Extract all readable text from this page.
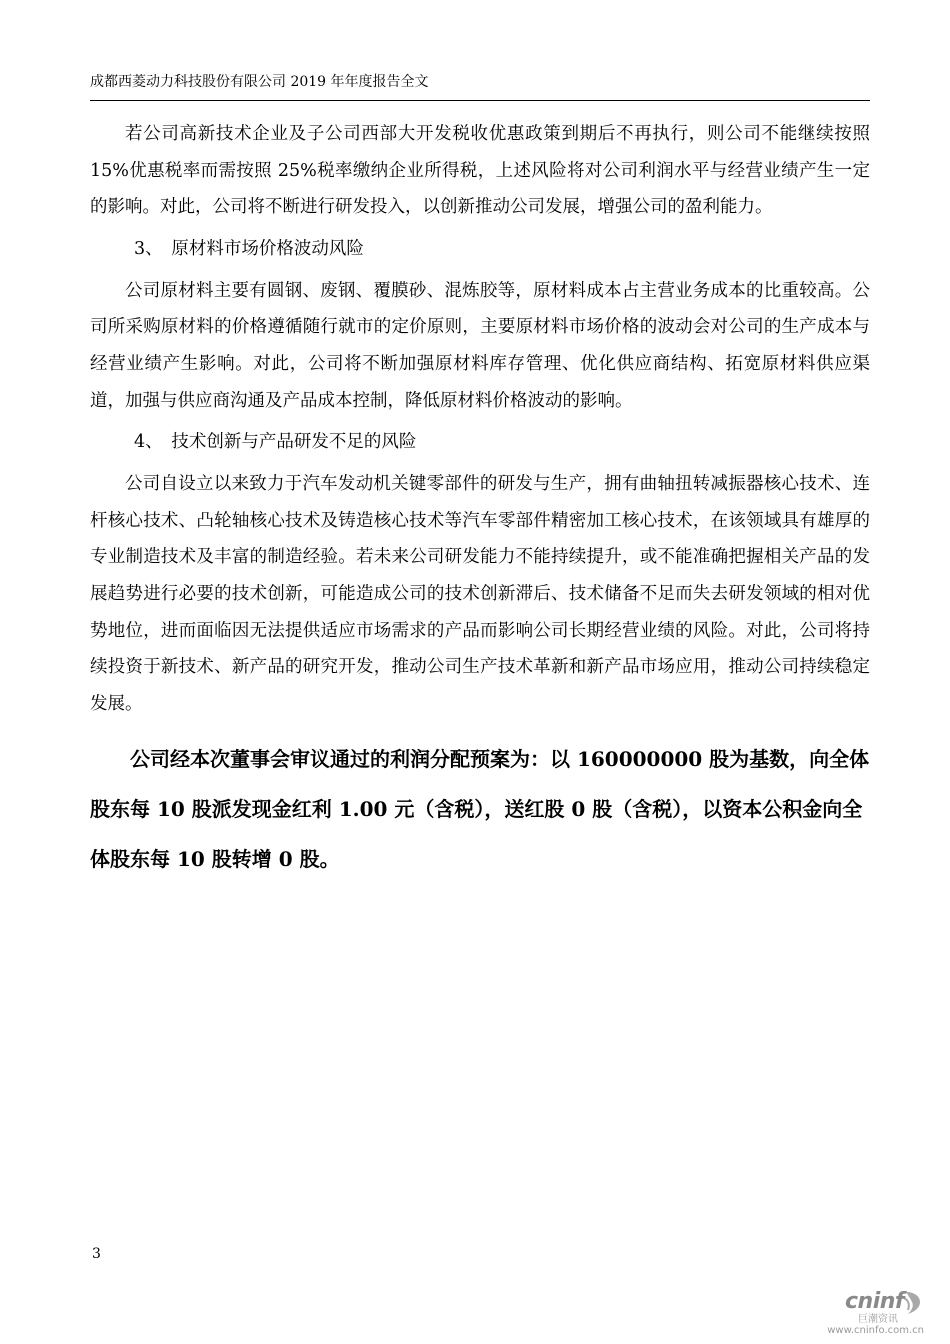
成都西菱动力科技股份有限公司 2019 年年度报告全文

若公司高新技术企业及子公司西部大开发税收优惠政策到期后不再执行，则公司不能继续按照 15%优惠税率而需按照 25%税率缴纳企业所得税，上述风险将对公司利润水平与经营业绩产生一定的影响。对此，公司将不断进行研发投入，以创新推动公司发展，增强公司的盈利能力。

3、　原材料市场价格波动风险

公司原材料主要有圆钢、废钢、覆膜砂、混炼胶等，原材料成本占主营业务成本的比重较高。公司所采购原材料的价格遵循随行就市的定价原则，主要原材料市场价格的波动会对公司的生产成本与经营业绩产生影响。对此，公司将不断加强原材料库存管理、优化供应商结构、拓宽原材料供应渠道，加强与供应商沟通及产品成本控制，降低原材料价格波动的影响。

4、　技术创新与产品研发不足的风险

公司自设立以来致力于汽车发动机关键零部件的研发与生产，拥有曲轴扭转减振器核心技术、连杆核心技术、凸轮轴核心技术及铸造核心技术等汽车零部件精密加工核心技术，在该领域具有雄厚的专业制造技术及丰富的制造经验。若未来公司研发能力不能持续提升，或不能准确把握相关产品的发展趋势进行必要的技术创新，可能造成公司的技术创新滞后、技术储备不足而失去研发领域的相对优势地位，进而面临因无法提供适应市场需求的产品而影响公司长期经营业绩的风险。对此，公司将持续投资于新技术、新产品的研究开发，推动公司生产技术革新和新产品市场应用，推动公司持续稳定发展。

公司经本次董事会审议通过的利润分配预案为：以 160000000 股为基数，向全体股东每 10 股派发现金红利 1.00 元（含税），送红股 0 股（含税），以资本公积金向全体股东每 10 股转增 0 股。

3
cninf
巨潮资讯
www.cninfo.com.cn
